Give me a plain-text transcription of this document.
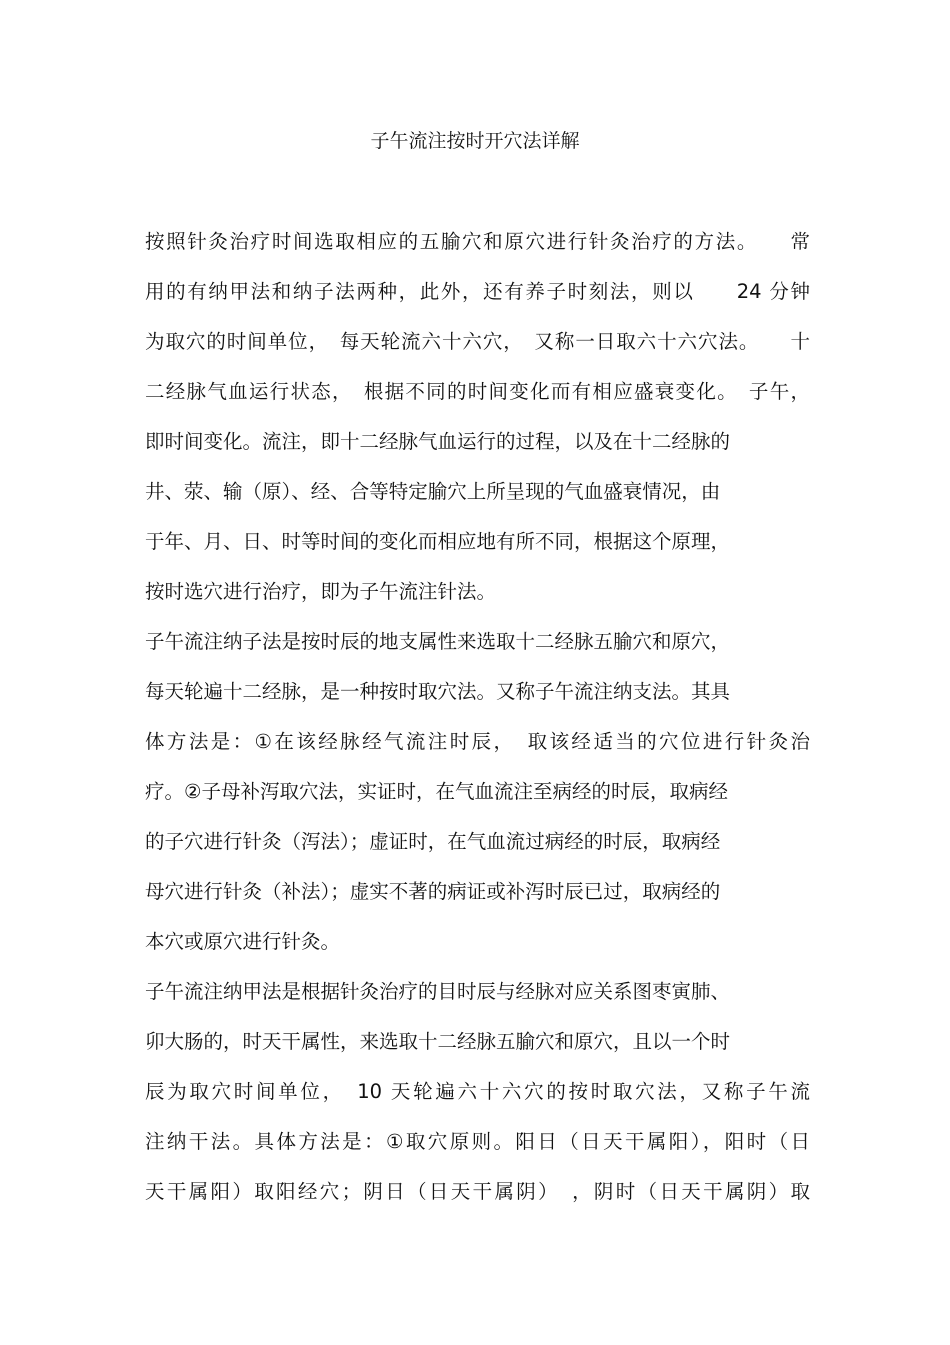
子午流注按时开穴法详解
按照针灸治疗时间选取相应的五腧穴和原穴进行针灸治疗的方法。　　常
用的有纳甲法和纳子法两种，此外，还有养子时刻法，则以　　24 分钟
为取穴的时间单位，　每天轮流六十六穴，　又称一日取六十六穴法。　　十
二经脉气血运行状态，　根据不同的时间变化而有相应盛衰变化。　子午，
即时间变化。流注，即十二经脉气血运行的过程，以及在十二经脉的
井、荥、输（原）、经、合等特定腧穴上所呈现的气血盛衰情况，由
于年、月、日、时等时间的变化而相应地有所不同，根据这个原理，
按时选穴进行治疗，即为子午流注针法。
子午流注纳子法是按时辰的地支属性来选取十二经脉五腧穴和原穴，
每天轮遍十二经脉，是一种按时取穴法。又称子午流注纳支法。其具
体方法是：①在该经脉经气流注时辰，　取该经适当的穴位进行针灸治
疗。②子母补泻取穴法，实证时，在气血流注至病经的时辰，取病经
的子穴进行针灸（泻法）；虚证时，在气血流过病经的时辰，取病经
母穴进行针灸（补法）；虚实不著的病证或补泻时辰已过，取病经的
本穴或原穴进行针灸。
子午流注纳甲法是根据针灸治疗的目时辰与经脉对应关系图枣寅肺、
卯大肠的，时天干属性，来选取十二经脉五腧穴和原穴，且以一个时
辰为取穴时间单位，　10 天轮遍六十六穴的按时取穴法，又称子午流
注纳干法。具体方法是：①取穴原则。阳日（日天干属阳），阳时（日
天干属阳）取阳经穴；阴日（日天干属阴）　，阴时（日天干属阴）取
